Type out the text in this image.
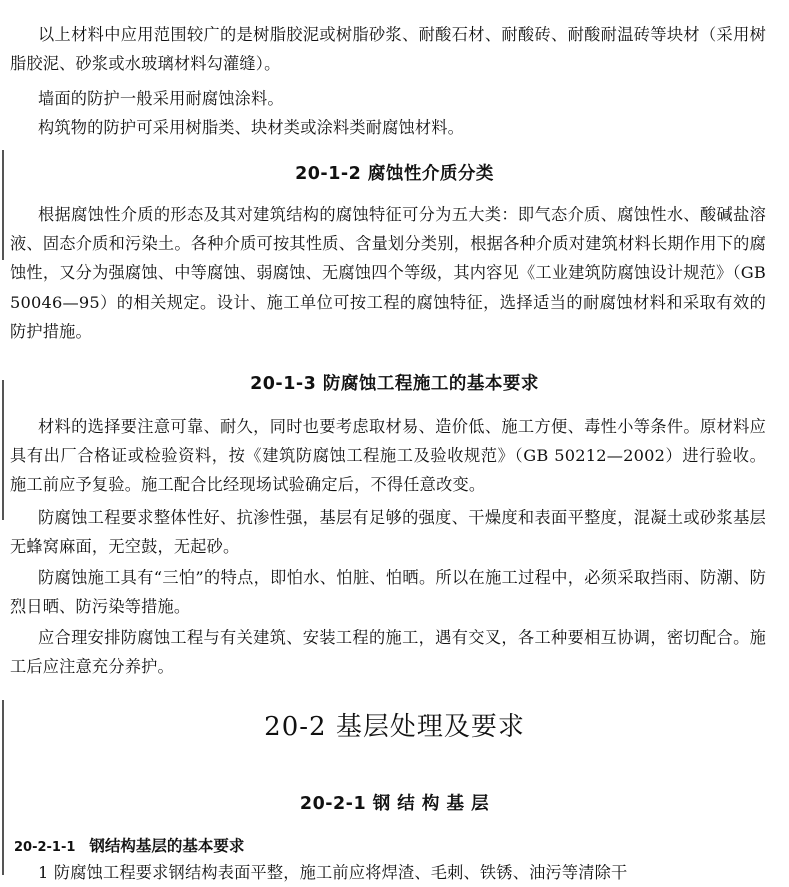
以上材料中应用范围较广的是树脂胶泥或树脂砂浆、耐酸石材、耐酸砖、耐酸耐温砖等块材（采用树脂胶泥、砂浆或水玻璃材料勾灌缝）。

墙面的防护一般采用耐腐蚀涂料。

构筑物的防护可采用树脂类、块材类或涂料类耐腐蚀材料。

20-1-2 腐蚀性介质分类

根据腐蚀性介质的形态及其对建筑结构的腐蚀特征可分为五大类：即气态介质、腐蚀性水、酸碱盐溶液、固态介质和污染土。各种介质可按其性质、含量划分类别，根据各种介质对建筑材料长期作用下的腐蚀性，又分为强腐蚀、中等腐蚀、弱腐蚀、无腐蚀四个等级，其内容见《工业建筑防腐蚀设计规范》（GB 50046—95）的相关规定。设计、施工单位可按工程的腐蚀特征，选择适当的耐腐蚀材料和采取有效的防护措施。

20-1-3 防腐蚀工程施工的基本要求

材料的选择要注意可靠、耐久，同时也要考虑取材易、造价低、施工方便、毒性小等条件。原材料应具有出厂合格证或检验资料，按《建筑防腐蚀工程施工及验收规范》（GB 50212—2002）进行验收。施工前应予复验。施工配合比经现场试验确定后，不得任意改变。

防腐蚀工程要求整体性好、抗渗性强，基层有足够的强度、干燥度和表面平整度，混凝土或砂浆基层无蜂窝麻面，无空鼓，无起砂。

防腐蚀施工具有“三怕”的特点，即怕水、怕脏、怕晒。所以在施工过程中，必须采取挡雨、防潮、防烈日晒、防污染等措施。

应合理安排防腐蚀工程与有关建筑、安装工程的施工，遇有交叉，各工种要相互协调，密切配合。施工后应注意充分养护。

20-2 基层处理及要求
20-2-1 钢 结 构 基 层
20-2-1-1 钢结构基层的基本要求

1 防腐蚀工程要求钢结构表面平整，施工前应将焊渣、毛刺、铁锈、油污等清除干
